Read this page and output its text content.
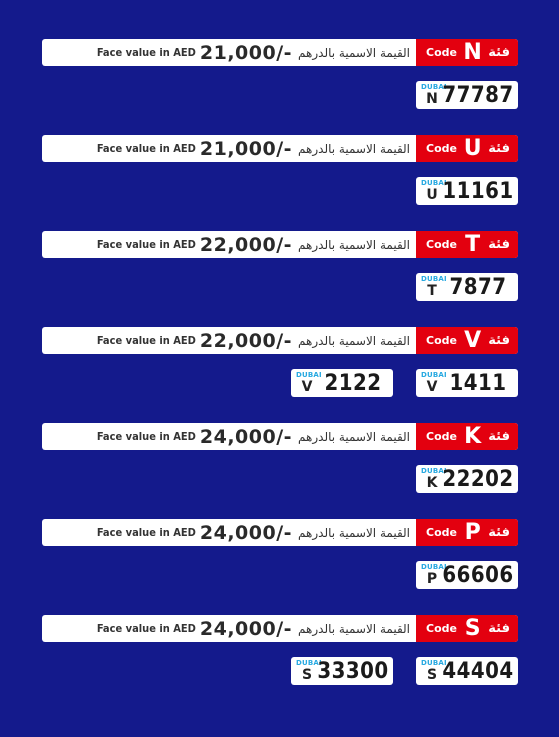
Face value in AED 21,000/- القيمة الاسمية بالدرهم Code N فئة
DUBAI
N 77787
Face value in AED 21,000/- القيمة الاسمية بالدرهم Code U فئة
DUBAI
U 11161
Face value in AED 22,000/- القيمة الاسمية بالدرهم Code T فئة
DUBAI
T 7877
Face value in AED 22,000/- القيمة الاسمية بالدرهم Code V فئة
DUBAI
V 2122	DUBAI
V 1411
Face value in AED 24,000/- القيمة الاسمية بالدرهم Code K فئة
DUBAI
K 22202
Face value in AED 24,000/- القيمة الاسمية بالدرهم Code P فئة
DUBAI
P 66606
Face value in AED 24,000/- القيمة الاسمية بالدرهم Code S فئة
DUBAI
S 33300	DUBAI
S 44404
